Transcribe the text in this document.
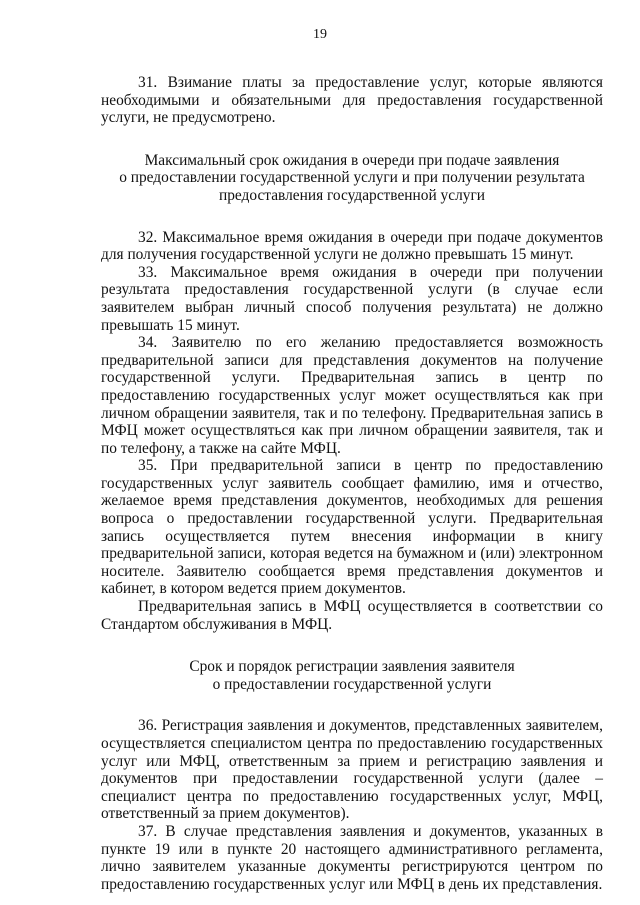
19

31. Взимание платы за предоставление услуг, которые являются необходимыми и обязательными для предоставления государственной услуги, не предусмотрено.

Максимальный срок ожидания в очереди при подаче заявления
о предоставлении государственной услуги и при получении результата
предоставления государственной услуги

32. Максимальное время ожидания в очереди при подаче документов для получения государственной услуги не должно превышать 15 минут.

33. Максимальное время ожидания в очереди при получении результата предоставления государственной услуги (в случае если заявителем выбран личный способ получения результата) не должно превышать 15 минут.

34. Заявителю по его желанию предоставляется возможность предварительной записи для представления документов на получение государственной услуги. Предварительная запись в центр по предоставлению государственных услуг может осуществляться как при личном обращении заявителя, так и по телефону. Предварительная запись в МФЦ может осуществляться как при личном обращении заявителя, так и по телефону, а также на сайте МФЦ.

35. При предварительной записи в центр по предоставлению государственных услуг заявитель сообщает фамилию, имя и отчество, желаемое время представления документов, необходимых для решения вопроса о предоставлении государственной услуги. Предварительная запись осуществляется путем внесения информации в книгу предварительной записи, которая ведется на бумажном и (или) электронном носителе. Заявителю сообщается время представления документов и кабинет, в котором ведется прием документов.

Предварительная запись в МФЦ осуществляется в соответствии со Стандартом обслуживания в МФЦ.

Срок и порядок регистрации заявления заявителя
о предоставлении государственной услуги

36. Регистрация заявления и документов, представленных заявителем, осуществляется специалистом центра по предоставлению государственных услуг или МФЦ, ответственным за прием и регистрацию заявления и документов при предоставлении государственной услуги (далее – специалист центра по предоставлению государственных услуг, МФЦ, ответственный за прием документов).

37. В случае представления заявления и документов, указанных в пункте 19 или в пункте 20 настоящего административного регламента, лично заявителем указанные документы регистрируются центром по предоставлению государственных услуг или МФЦ в день их представления.
